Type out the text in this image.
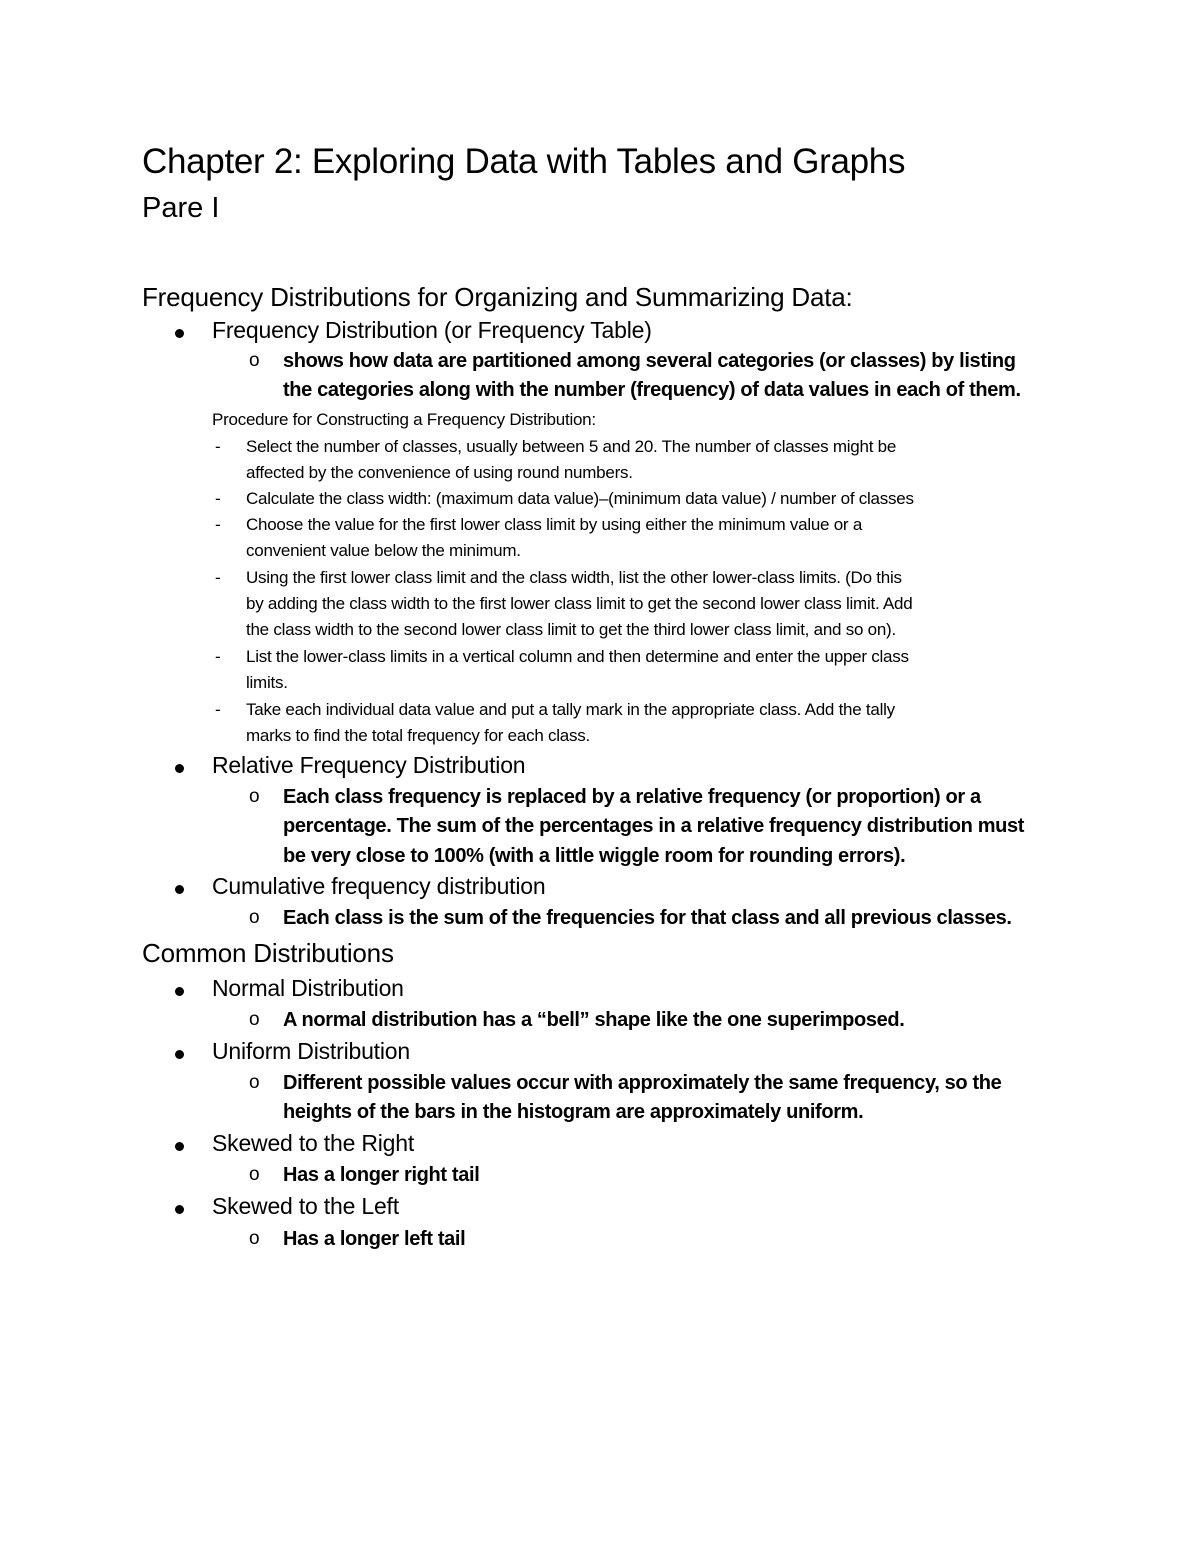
Chapter 2: Exploring Data with Tables and Graphs
Pare I
Frequency Distributions for Organizing and Summarizing Data:
Frequency Distribution (or Frequency Table)
o shows how data are partitioned among several categories (or classes) by listing
the categories along with the number (frequency) of data values in each of them.
Procedure for Constructing a Frequency Distribution:
- Select the number of classes, usually between 5 and 20. The number of classes might be
affected by the convenience of using round numbers.
- Calculate the class width: (maximum data value)–(minimum data value) / number of classes
- Choose the value for the first lower class limit by using either the minimum value or a
convenient value below the minimum.
- Using the first lower class limit and the class width, list the other lower-class limits. (Do this
by adding the class width to the first lower class limit to get the second lower class limit. Add
the class width to the second lower class limit to get the third lower class limit, and so on).
- List the lower-class limits in a vertical column and then determine and enter the upper class
limits.
- Take each individual data value and put a tally mark in the appropriate class. Add the tally
marks to find the total frequency for each class.
Relative Frequency Distribution
o Each class frequency is replaced by a relative frequency (or proportion) or a
percentage. The sum of the percentages in a relative frequency distribution must
be very close to 100% (with a little wiggle room for rounding errors).
Cumulative frequency distribution
o Each class is the sum of the frequencies for that class and all previous classes.
Common Distributions
Normal Distribution
o A normal distribution has a “bell” shape like the one superimposed.
Uniform Distribution
o Different possible values occur with approximately the same frequency, so the
heights of the bars in the histogram are approximately uniform.
Skewed to the Right
o Has a longer right tail
Skewed to the Left
o Has a longer left tail
